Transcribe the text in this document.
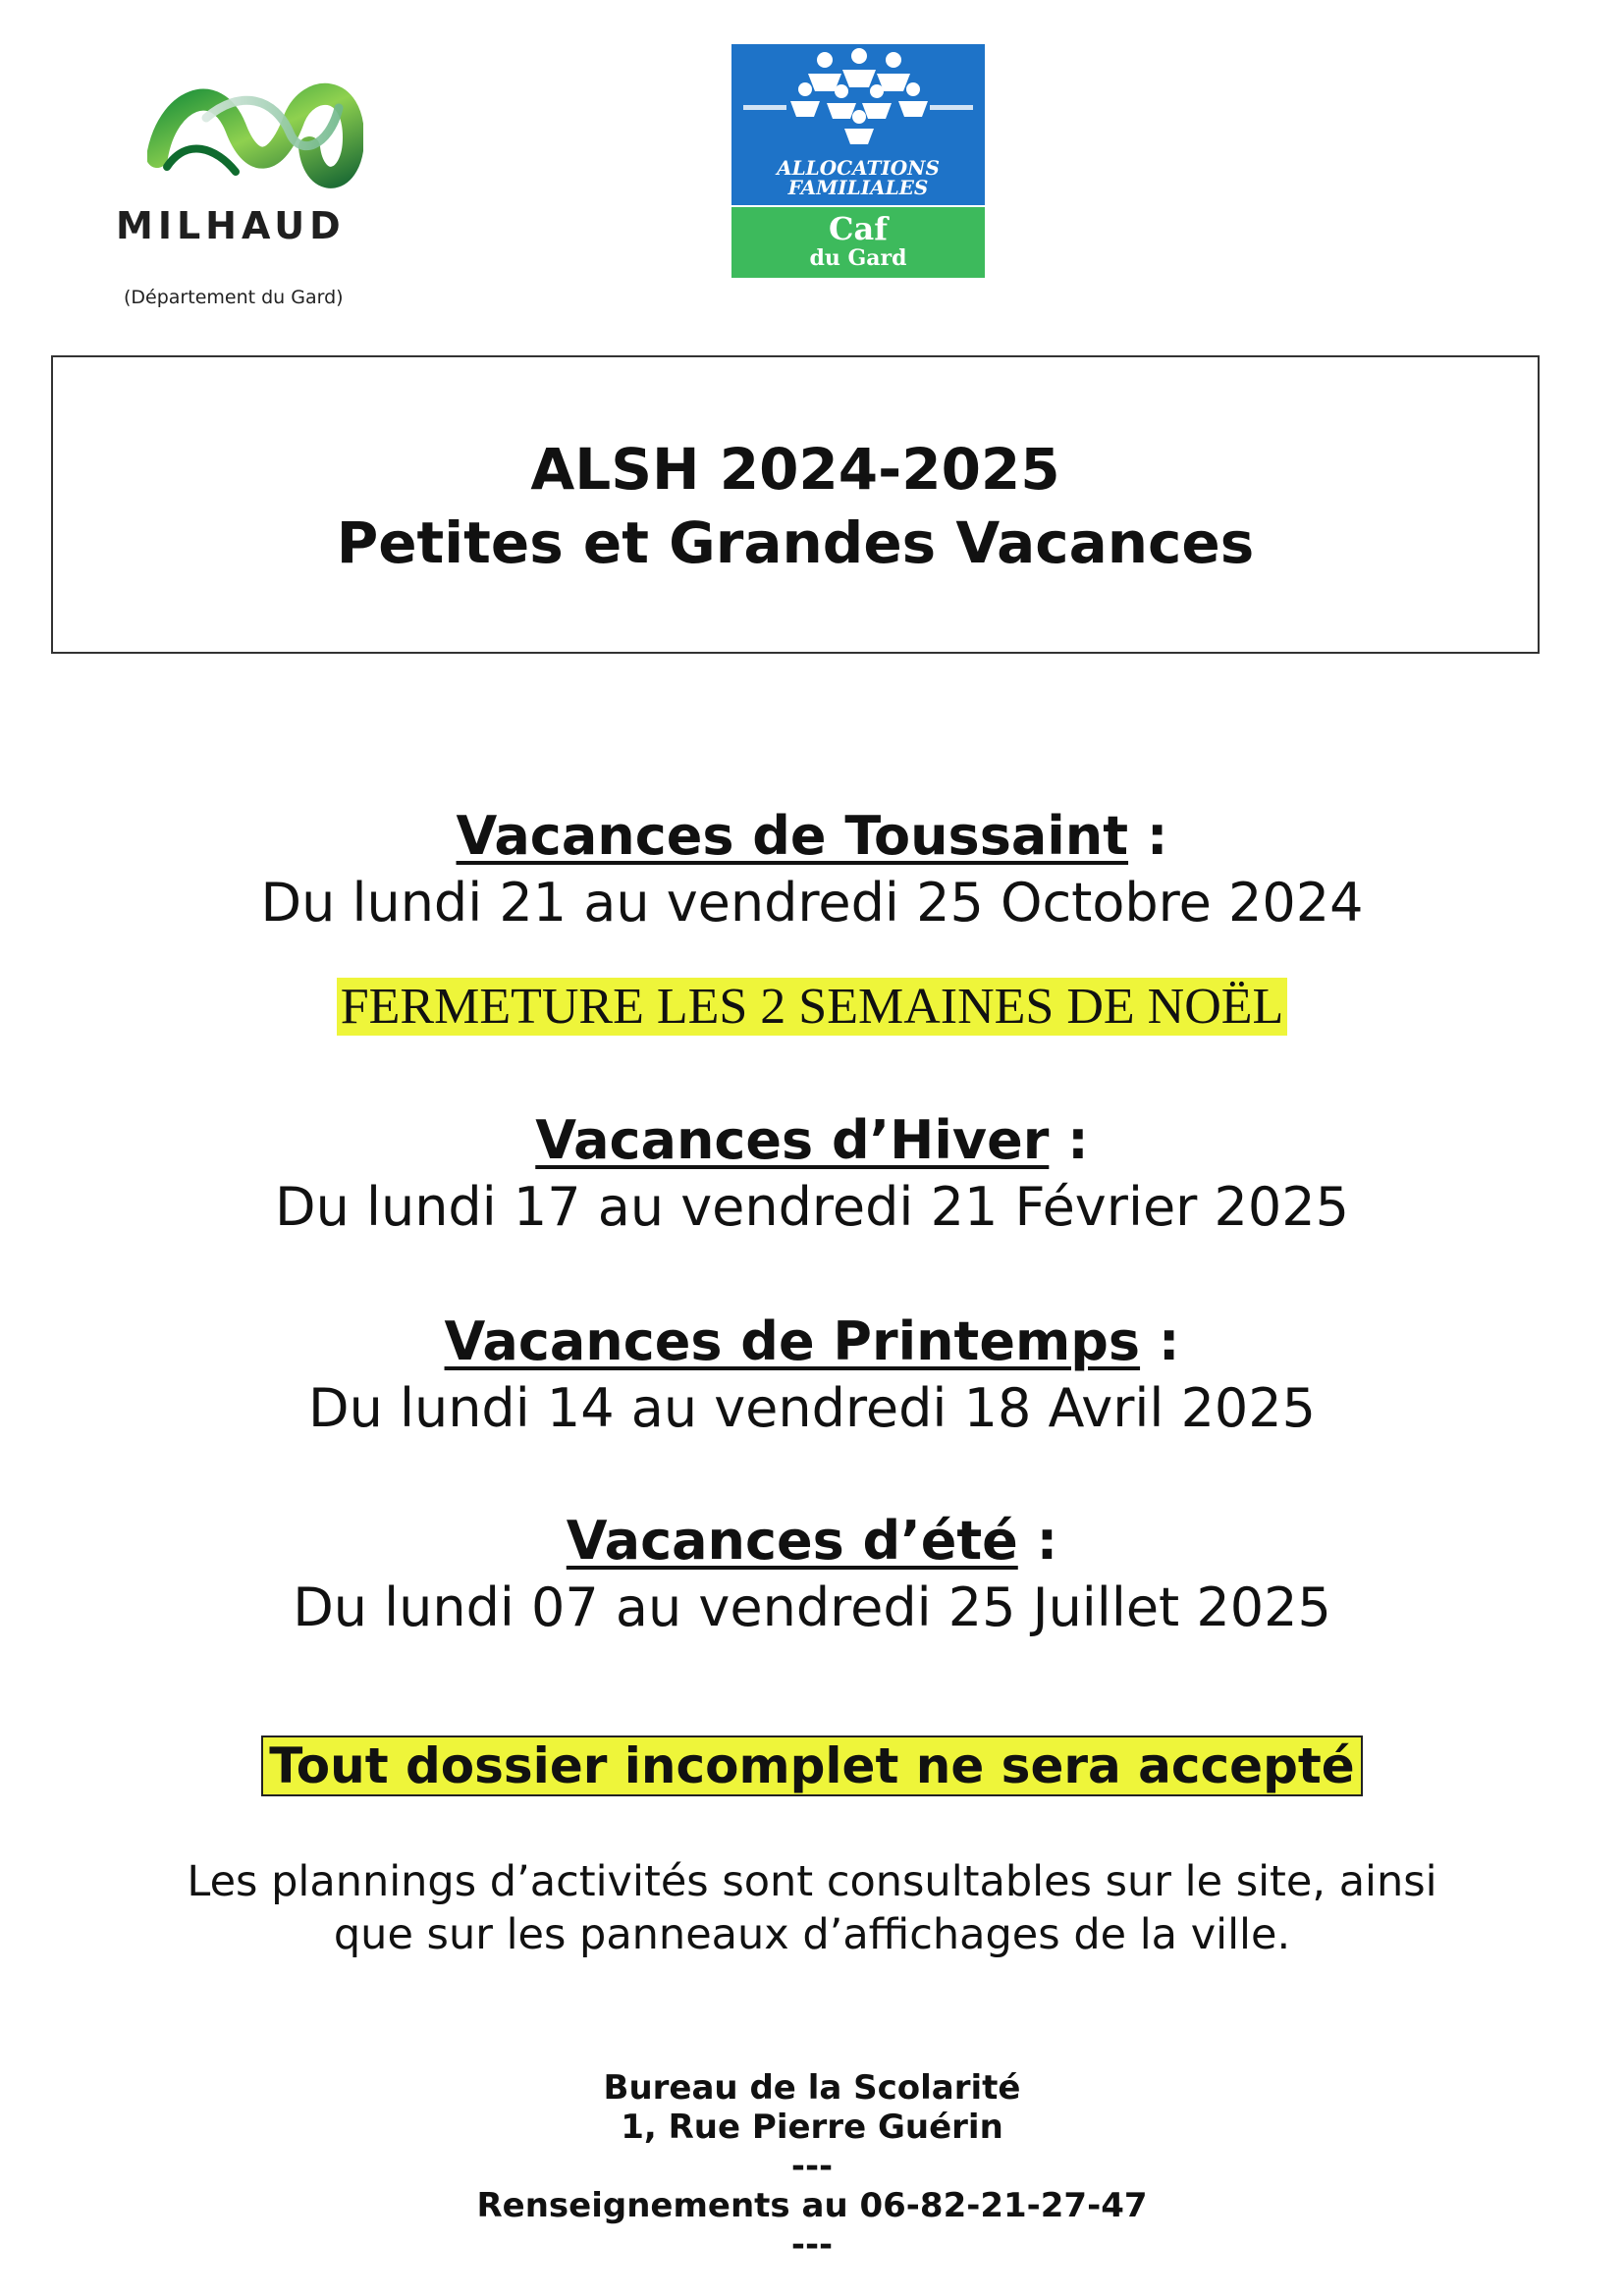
MILHAUD
(Département du Gard)
ALLOCATIONS
FAMILIALES
Caf
du Gard
ALSH 2024-2025
Petites et Grandes Vacances
Vacances de Toussaint :
Du lundi 21 au vendredi 25 Octobre 2024
FERMETURE LES 2 SEMAINES DE NOËL
Vacances d’Hiver :
Du lundi 17 au vendredi 21 Février 2025
Vacances de Printemps :
Du lundi 14 au vendredi 18 Avril 2025
Vacances d’été :
Du lundi 07 au vendredi 25 Juillet 2025
Tout dossier incomplet ne sera accepté
Les plannings d’activités sont consultables sur le site, ainsi
que sur les panneaux d’affichages de la ville.
Bureau de la Scolarité
1, Rue Pierre Guérin
---
Renseignements au 06-82-21-27-47
---
